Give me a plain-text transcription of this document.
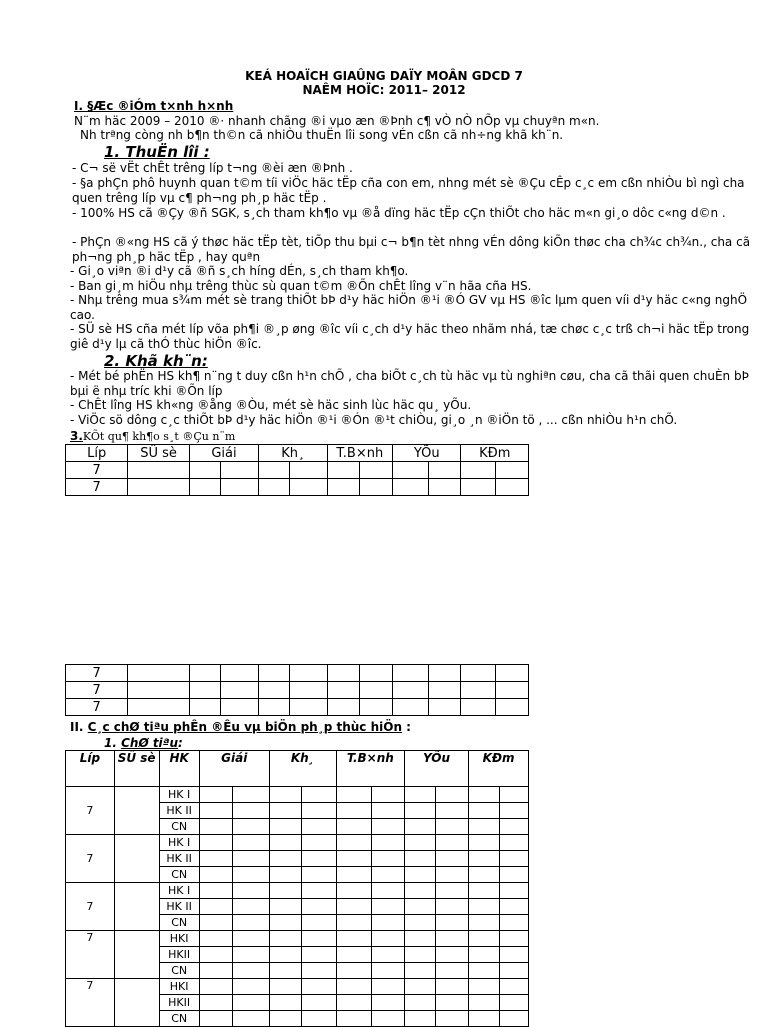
KEÁ HOAÏCH GIAÛNG DAÏY MOÂN GDCD 7
NAÊM HOÏC: 2011– 2012
I. §Æc ®iÓm t×nh h×nh
N¨m häc 2009 – 2010 ®· nhanh chãng ®i vµo æn ®Þnh c¶ vÒ nÒ nÕp vµ chuyªn m«n.
Nh trªng còng nh b¶n th©n cã nhiÒu thuËn lîi song vÉn cßn cã nh÷ng khã kh¨n.
1. ThuËn lîi :
- C¬ së vËt chÊt trêng líp t¬ng ®èi æn ®Þnh .
- §a phÇn phô huynh quan t©m tíi viÖc häc tËp cña con em, nhng mét sè ®Çu cÊp c¸c em cßn nhiÒu bì ngì cha quen trêng líp vµ c¶ ph¬ng ph¸p häc tËp .
- 100% HS cã ®Çy ®ñ SGK, s¸ch tham kh¶o vµ ®å dïng häc tËp cÇn thiÕt cho häc m«n gi¸o dôc c«ng d©n .
- PhÇn ®«ng HS cã ý thøc häc tËp tèt, tiÕp thu bµi c¬ b¶n tèt nhng vÉn dông kiÕn thøc cha ch¾c ch¾n., cha cã ph¬ng ph¸p häc tËp , hay quªn
- Gi¸o viªn ®i d¹y cã ®ñ s¸ch híng dÉn, s¸ch tham kh¶o.
- Ban gi¸m hiÖu nhµ trêng thùc sù quan t©m ®Õn chÊt lîng v¨n hãa cña HS.
- Nhµ trêng mua s¾m mét sè trang thiÕt bÞ d¹y häc hiÖn ®¹i ®Ó GV vµ HS ®îc lµm quen víi d¹y häc c«ng nghÖ cao.
- SÜ sè HS cña mét líp võa ph¶i ®¸p øng ®îc víi c¸ch d¹y häc theo nhãm nhá, tæ chøc c¸c trß ch¬i häc tËp trong giê d¹y lµ cã thÓ thùc hiÖn ®îc.
2. Khã kh¨n:
- Mét bé phËn HS kh¶ n¨ng t duy cßn h¹n chÕ , cha biÕt c¸ch tù häc vµ tù nghiªn cøu, cha cã thãi quen chuÈn bÞ bµi ë nhµ tríc khi ®Õn líp
- ChÊt lîng HS kh«ng ®ång ®Òu, mét sè häc sinh lùc häc qu¸ yÕu.
- ViÖc sö dông c¸c thiÕt bÞ d¹y häc hiÖn ®¹i ®Ón ®¹t chiÒu, gi¸o ¸n ®iÖn tö , ... cßn nhiÒu h¹n chÕ.
3.KÕt qu¶ kh¶o s¸t ®Çu n¨m
Líp	SÜ sè	Giái		Kh¸		T.B×nh		YÕu		KÐm	
7											
7											
7											
7											
7											
II. C¸c chØ tiªu phÊn ®Êu vµ biÖn ph¸p thùc hiÖn :
1. ChØ tiªu:
Líp	SÜ sè	HK	Giái		Kh¸		T.B×nh		YÕu		KÐm	
7		HK I										
		HK II										
		CN										
7		HK I										
		HK II										
		CN										
7		HK I										
		HK II										
		CN										
7		HKI										
		HKII										
		CN										
7		HKI										
		HKII										
		CN										
